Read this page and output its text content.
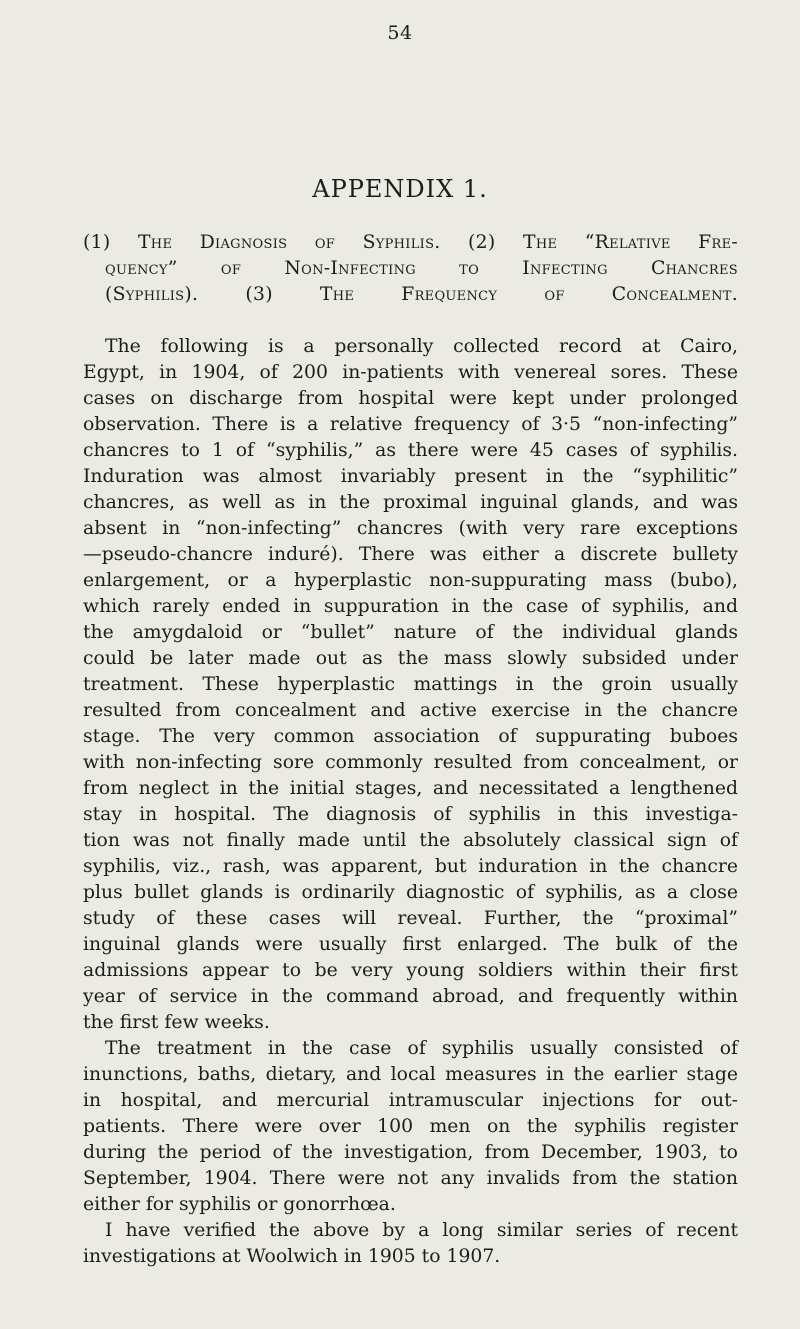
54
APPENDIX 1.
(1) The Diagnosis of Syphilis. (2) The “Relative Fre-
quency” of Non-Infecting to Infecting Chancres
(Syphilis). (3) The Frequency of Concealment.
The following is a personally collected record at Cairo,
Egypt, in 1904, of 200 in-patients with venereal sores. These
cases on discharge from hospital were kept under prolonged
observation. There is a relative frequency of 3·5 “non-infecting”
chancres to 1 of “syphilis,” as there were 45 cases of syphilis.
Induration was almost invariably present in the “syphilitic”
chancres, as well as in the proximal inguinal glands, and was
absent in “non-infecting” chancres (with very rare exceptions
—pseudo-chancre induré). There was either a discrete bullety
enlargement, or a hyperplastic non-suppurating mass (bubo),
which rarely ended in suppuration in the case of syphilis, and
the amygdaloid or “bullet” nature of the individual glands
could be later made out as the mass slowly subsided under
treatment. These hyperplastic mattings in the groin usually
resulted from concealment and active exercise in the chancre
stage. The very common association of suppurating buboes
with non-infecting sore commonly resulted from concealment, or
from neglect in the initial stages, and necessitated a lengthened
stay in hospital. The diagnosis of syphilis in this investiga-
tion was not finally made until the absolutely classical sign of
syphilis, viz., rash, was apparent, but induration in the chancre
plus bullet glands is ordinarily diagnostic of syphilis, as a close
study of these cases will reveal. Further, the “proximal”
inguinal glands were usually first enlarged. The bulk of the
admissions appear to be very young soldiers within their first
year of service in the command abroad, and frequently within
the first few weeks.
The treatment in the case of syphilis usually consisted of
inunctions, baths, dietary, and local measures in the earlier stage
in hospital, and mercurial intramuscular injections for out-
patients. There were over 100 men on the syphilis register
during the period of the investigation, from December, 1903, to
September, 1904. There were not any invalids from the station
either for syphilis or gonorrhœa.
I have verified the above by a long similar series of recent
investigations at Woolwich in 1905 to 1907.
